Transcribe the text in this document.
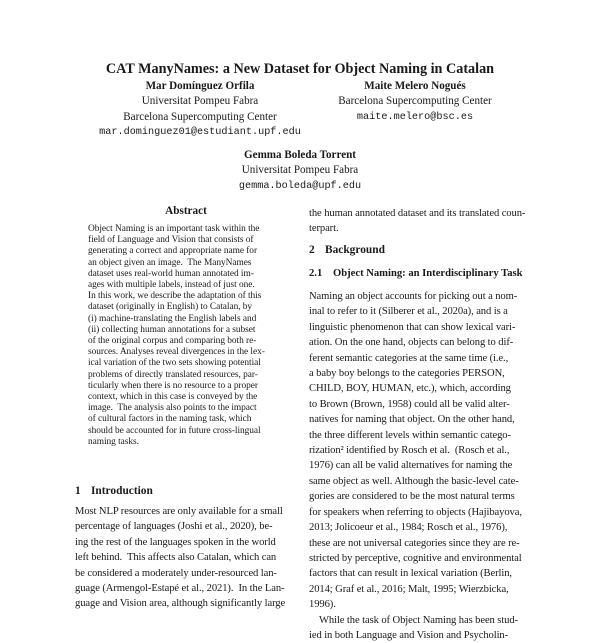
CAT ManyNames: a New Dataset for Object Naming in Catalan
Mar Domínguez Orfila
Universitat Pompeu Fabra
Barcelona Supercomputing Center
mar.dominguez01@estudiant.upf.edu
Maite Melero Nogués
Barcelona Supercomputing Center
maite.melero@bsc.es
Gemma Boleda Torrent
Universitat Pompeu Fabra
gemma.boleda@upf.edu
Abstract
Object Naming is an important task within the
field of Language and Vision that consists of
generating a correct and appropriate name for
an object given an image.  The ManyNames
dataset uses real-world human annotated im-
ages with multiple labels, instead of just one.
In this work, we describe the adaptation of this
dataset (originally in English) to Catalan, by
(i) machine-translating the English labels and
(ii) collecting human annotations for a subset
of the original corpus and comparing both re-
sources. Analyses reveal divergences in the lex-
ical variation of the two sets showing potential
problems of directly translated resources, par-
ticularly when there is no resource to a proper
context, which in this case is conveyed by the
image.  The analysis also points to the impact
of cultural factors in the naming task, which
should be accounted for in future cross-lingual
naming tasks.
1 Introduction
Most NLP resources are only available for a small
percentage of languages (Joshi et al., 2020), be-
ing the rest of the languages spoken in the world
left behind.  This affects also Catalan, which can
be considered a moderately under-resourced lan-
guage (Armengol-Estapé et al., 2021).  In the Lan-
guage and Vision area, although significantly large
the human annotated dataset and its translated coun-
terpart.
2 Background
2.1 Object Naming: an Interdisciplinary Task
Naming an object accounts for picking out a nom-
inal to refer to it (Silberer et al., 2020a), and is a
linguistic phenomenon that can show lexical vari-
ation. On the one hand, objects can belong to dif-
ferent semantic categories at the same time (i.e.,
a baby boy belongs to the categories PERSON,
CHILD, BOY, HUMAN, etc.), which, according
to Brown (Brown, 1958) could all be valid alter-
natives for naming that object. On the other hand,
the three different levels within semantic catego-
rization² identified by Rosch et al.  (Rosch et al.,
1976) can all be valid alternatives for naming the
same object as well. Although the basic-level cate-
gories are considered to be the most natural terms
for speakers when referring to objects (Hajibayova,
2013; Jolicoeur et al., 1984; Rosch et al., 1976),
these are not universal categories since they are re-
stricted by perceptive, cognitive and environmental
factors that can result in lexical variation (Berlin,
2014; Graf et al., 2016; Malt, 1995; Wierzbicka,
1996).
While the task of Object Naming has been stud-
ied in both Language and Vision and Psycholin-
